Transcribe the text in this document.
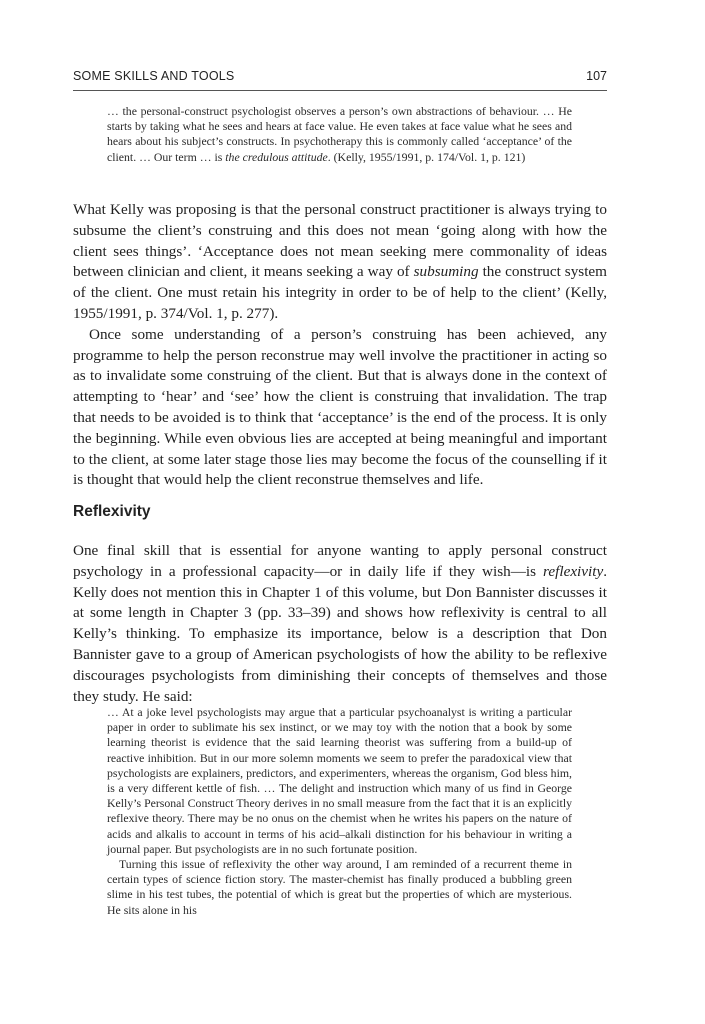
SOME SKILLS AND TOOLS	107

… the personal-construct psychologist observes a person’s own abstractions of behaviour. … He starts by taking what he sees and hears at face value. He even takes at face value what he sees and hears about his subject’s constructs. In psychotherapy this is commonly called ‘acceptance’ of the client. … Our term … is the credulous attitude. (Kelly, 1955/1991, p. 174/Vol. 1, p. 121)

What Kelly was proposing is that the personal construct practitioner is always trying to subsume the client’s construing and this does not mean ‘going along with how the client sees things’. ‘Acceptance does not mean seeking mere commonality of ideas between clinician and client, it means seeking a way of subsuming the construct system of the client. One must retain his integrity in order to be of help to the client’ (Kelly, 1955/1991, p. 374/Vol. 1, p. 277).

Once some understanding of a person’s construing has been achieved, any programme to help the person reconstrue may well involve the practitioner in acting so as to invalidate some construing of the client. But that is always done in the context of attempting to ‘hear’ and ‘see’ how the client is construing that invalidation. The trap that needs to be avoided is to think that ‘acceptance’ is the end of the process. It is only the beginning. While even obvious lies are accepted at being meaningful and important to the client, at some later stage those lies may become the focus of the counselling if it is thought that would help the client reconstrue themselves and life.

Reflexivity

One final skill that is essential for anyone wanting to apply personal construct psychology in a professional capacity—or in daily life if they wish—is reflexivity. Kelly does not mention this in Chapter 1 of this volume, but Don Bannister discusses it at some length in Chapter 3 (pp. 33–39) and shows how reflexivity is central to all Kelly’s thinking. To emphasize its importance, below is a description that Don Bannister gave to a group of American psychologists of how the ability to be reflexive discourages psychologists from diminishing their concepts of themselves and those they study. He said:

… At a joke level psychologists may argue that a particular psychoanalyst is writing a particular paper in order to sublimate his sex instinct, or we may toy with the notion that a book by some learning theorist is evidence that the said learning theorist was suffering from a build-up of reactive inhibition. But in our more solemn moments we seem to prefer the paradoxical view that psychologists are explainers, predictors, and experimenters, whereas the organism, God bless him, is a very different kettle of fish. … The delight and instruction which many of us find in George Kelly’s Personal Construct Theory derives in no small measure from the fact that it is an explicitly reflexive theory. There may be no onus on the chemist when he writes his papers on the nature of acids and alkalis to account in terms of his acid–alkali distinction for his behaviour in writing a journal paper. But psychologists are in no such fortunate position.

Turning this issue of reflexivity the other way around, I am reminded of a recurrent theme in certain types of science fiction story. The master-chemist has finally produced a bubbling green slime in his test tubes, the potential of which is great but the properties of which are mysterious. He sits alone in his
